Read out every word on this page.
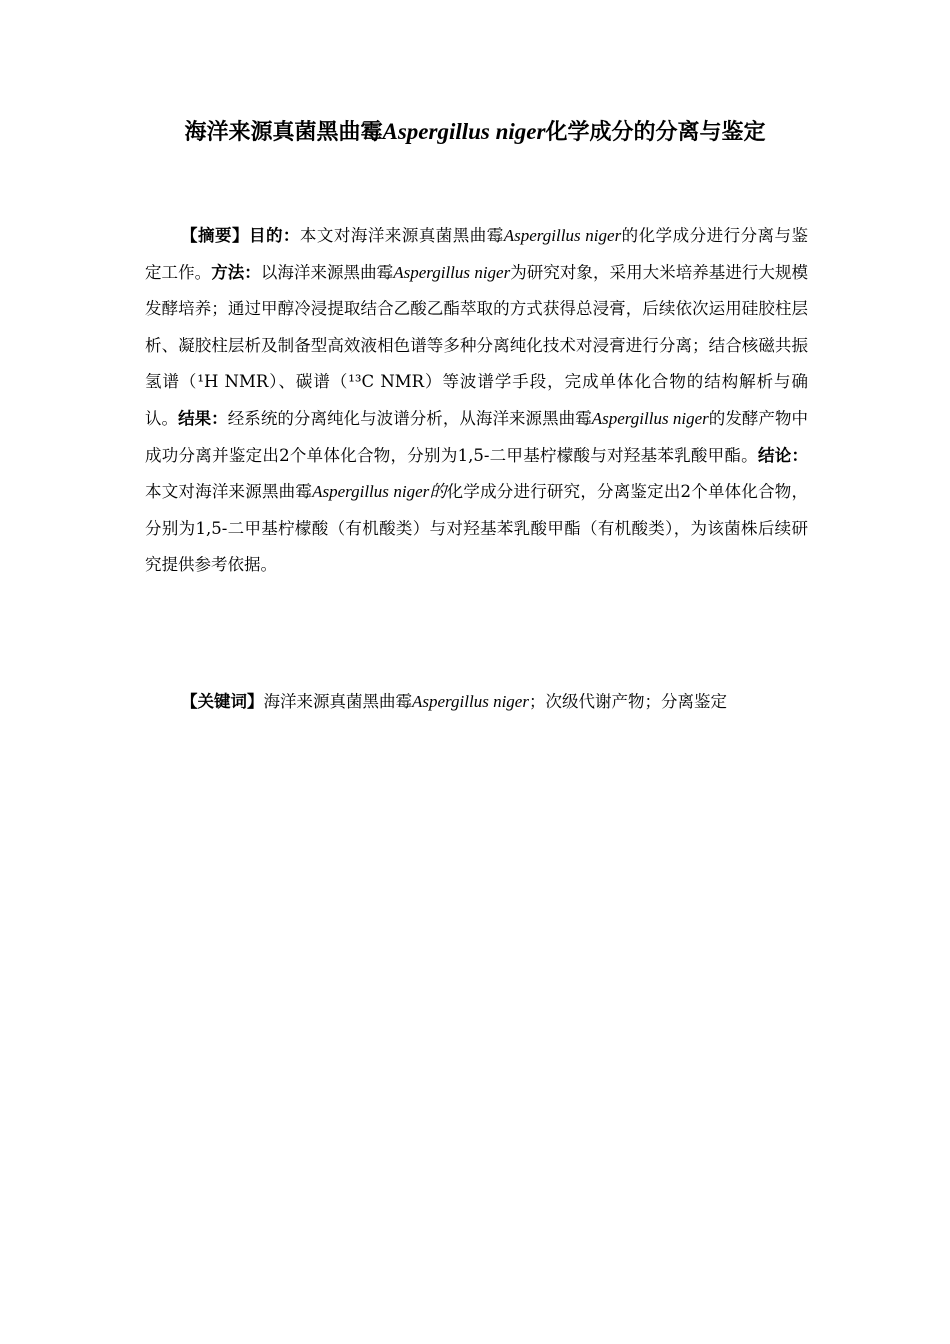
海洋来源真菌黑曲霉Aspergillus niger化学成分的分离与鉴定
【摘要】目的：本文对海洋来源真菌黑曲霉Aspergillus niger的化学成分进行分离与鉴定工作。方法：以海洋来源黑曲霉Aspergillus niger为研究对象，采用大米培养基进行大规模发酵培养；通过甲醇冷浸提取结合乙酸乙酯萃取的方式获得总浸膏，后续依次运用硅胶柱层析、凝胶柱层析及制备型高效液相色谱等多种分离纯化技术对浸膏进行分离；结合核磁共振氢谱（¹H NMR）、碳谱（¹³C NMR）等波谱学手段，完成单体化合物的结构解析与确认。结果：经系统的分离纯化与波谱分析，从海洋来源黑曲霉Aspergillus niger的发酵产物中成功分离并鉴定出2个单体化合物，分别为1,5-二甲基柠檬酸与对羟基苯乳酸甲酯。结论：本文对海洋来源黑曲霉Aspergillus niger的化学成分进行研究，分离鉴定出2个单体化合物，分别为1,5-二甲基柠檬酸（有机酸类）与对羟基苯乳酸甲酯（有机酸类），为该菌株后续研究提供参考依据。
【关键词】海洋来源真菌黑曲霉Aspergillus niger；次级代谢产物；分离鉴定
